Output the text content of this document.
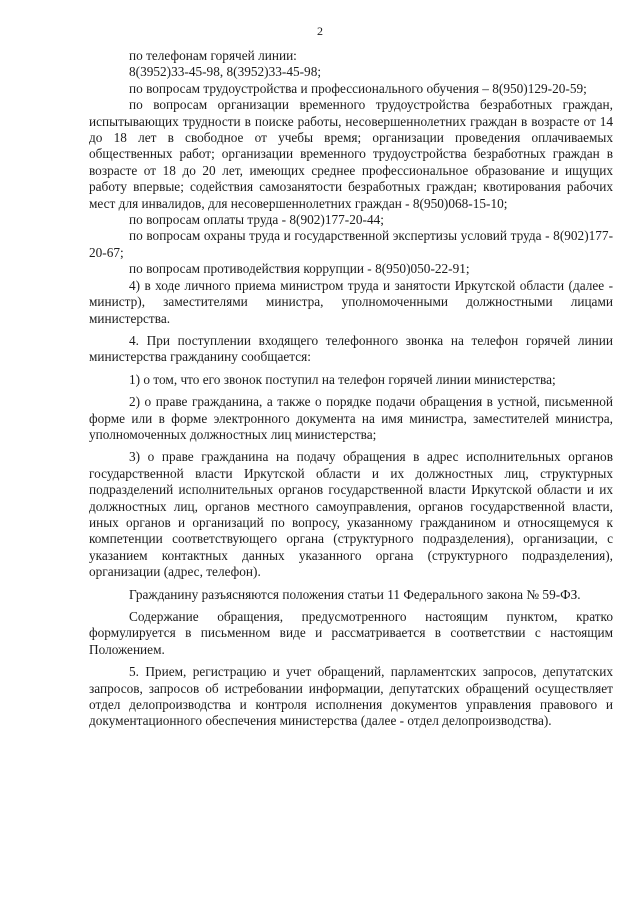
2

по телефонам горячей линии:

8(3952)33-45-98, 8(3952)33-45-98;

по вопросам трудоустройства и профессионального обучения – 8(950)129-20-59;

по вопросам организации временного трудоустройства безработных граждан, испытывающих трудности в поиске работы, несовершеннолетних граждан в возрасте от 14 до 18 лет в свободное от учебы время; организации проведения оплачиваемых общественных работ; организации временного трудоустройства безработных граждан в возрасте от 18 до 20 лет, имеющих среднее профессиональное образование и ищущих работу впервые; содействия самозанятости безработных граждан; квотирования рабочих мест для инвалидов, для несовершеннолетних граждан - 8(950)068-15-10;

по вопросам оплаты труда - 8(902)177-20-44;

по вопросам охраны труда и государственной экспертизы условий труда - 8(902)177-20-67;

по вопросам противодействия коррупции - 8(950)050-22-91;

4) в ходе личного приема министром труда и занятости Иркутской области (далее - министр), заместителями министра, уполномоченными должностными лицами министерства.

4. При поступлении входящего телефонного звонка на телефон горячей линии министерства гражданину сообщается:

1) о том, что его звонок поступил на телефон горячей линии министерства;

2) о праве гражданина, а также о порядке подачи обращения в устной, письменной форме или в форме электронного документа на имя министра, заместителей министра, уполномоченных должностных лиц министерства;

3) о праве гражданина на подачу обращения в адрес исполнительных органов государственной власти Иркутской области и их должностных лиц, структурных подразделений исполнительных органов государственной власти Иркутской области и их должностных лиц, органов местного самоуправления, органов государственной власти, иных органов и организаций по вопросу, указанному гражданином и относящемуся к компетенции соответствующего органа (структурного подразделения), организации, с указанием контактных данных указанного органа (структурного подразделения), организации (адрес, телефон).

Гражданину разъясняются положения статьи 11 Федерального закона № 59-ФЗ.

Содержание обращения, предусмотренного настоящим пунктом, кратко формулируется в письменном виде и рассматривается в соответствии с настоящим Положением.

5. Прием, регистрацию и учет обращений, парламентских запросов, депутатских запросов, запросов об истребовании информации, депутатских обращений осуществляет отдел делопроизводства и контроля исполнения документов управления правового и документационного обеспечения министерства (далее - отдел делопроизводства).
